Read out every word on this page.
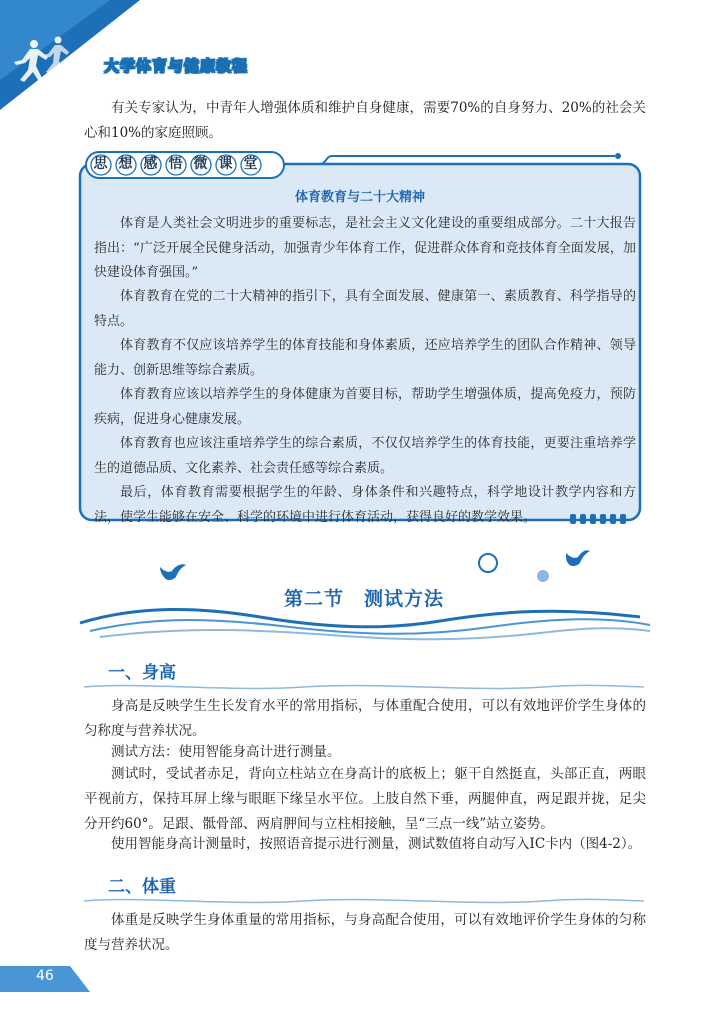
大学体育与健康教程

有关专家认为，中青年人增强体质和维护自身健康，需要70%的自身努力、20%的社会关心和10%的家庭照顾。

思 想 感 悟 微 课 堂
体育教育与二十大精神

体育是人类社会文明进步的重要标志，是社会主义文化建设的重要组成部分。二十大报告指出：“广泛开展全民健身活动，加强青少年体育工作，促进群众体育和竞技体育全面发展，加快建设体育强国。”

体育教育在党的二十大精神的指引下，具有全面发展、健康第一、素质教育、科学指导的特点。

体育教育不仅应该培养学生的体育技能和身体素质，还应培养学生的团队合作精神、领导能力、创新思维等综合素质。

体育教育应该以培养学生的身体健康为首要目标，帮助学生增强体质，提高免疫力，预防疾病，促进身心健康发展。

体育教育也应该注重培养学生的综合素质，不仅仅培养学生的体育技能，更要注重培养学生的道德品质、文化素养、社会责任感等综合素质。

最后，体育教育需要根据学生的年龄、身体条件和兴趣特点，科学地设计教学内容和方法，使学生能够在安全、科学的环境中进行体育活动，获得良好的教学效果。

第二节　测试方法
一、身高

身高是反映学生生长发育水平的常用指标，与体重配合使用，可以有效地评价学生身体的匀称度与营养状况。

测试方法：使用智能身高计进行测量。

测试时，受试者赤足，背向立柱站立在身高计的底板上；躯干自然挺直，头部正直，两眼平视前方，保持耳屏上缘与眼眶下缘呈水平位。上肢自然下垂，两腿伸直，两足跟并拢，足尖分开约60°。足跟、骶骨部、两肩胛间与立柱相接触，呈“三点一线”站立姿势。

使用智能身高计测量时，按照语音提示进行测量，测试数值将自动写入IC卡内（图4-2）。

二、体重

体重是反映学生身体重量的常用指标，与身高配合使用，可以有效地评价学生身体的匀称度与营养状况。

46
